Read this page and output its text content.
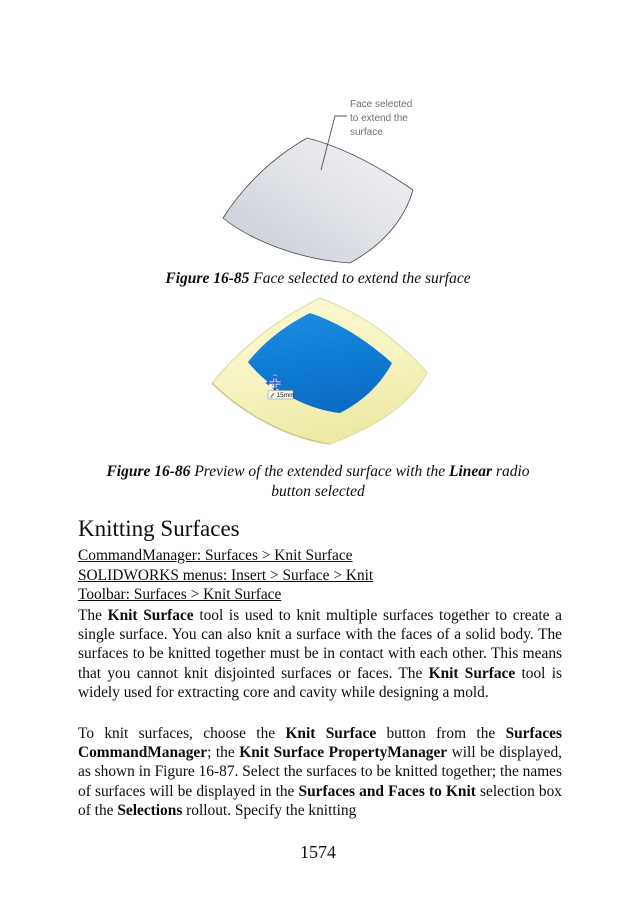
Face selected
to extend the
surface
Figure 16-85 Face selected to extend the surface
15mm
Figure 16-86 Preview of the extended surface with the Linear radio
button selected
Knitting Surfaces
CommandManager: Surfaces > Knit Surface
SOLIDWORKS menus: Insert > Surface > Knit
Toolbar: Surfaces > Knit Surface
The Knit Surface tool is used to knit multiple surfaces together to create a single surface. You can also knit a surface with the faces of a solid body. The surfaces to be knitted together must be in contact with each other. This means that you cannot knit disjointed surfaces or faces. The Knit Surface tool is widely used for extracting core and cavity while designing a mold.
To knit surfaces, choose the Knit Surface button from the Surfaces CommandManager; the Knit Surface PropertyManager will be displayed, as shown in Figure 16-87. Select the surfaces to be knitted together; the names of surfaces will be displayed in the Surfaces and Faces to Knit selection box of the Selections rollout. Specify the knitting
1574
